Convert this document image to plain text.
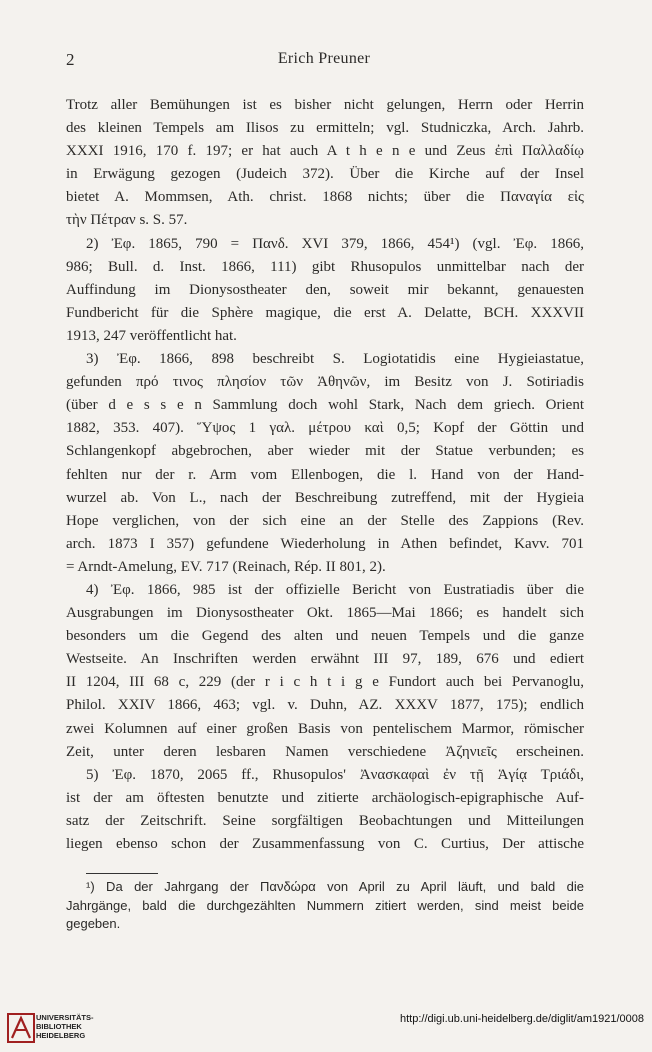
2	Erich Preuner
Trotz aller Bemühungen ist es bisher nicht gelungen, Herrn oder Herrin
des kleinen Tempels am Ilisos zu ermitteln; vgl. Studniczka, Arch. Jahrb.
XXXI 1916, 170 f. 197; er hat auch A t h e n e und Zeus ἐπὶ Παλλαδίῳ
in Erwägung gezogen (Judeich 372). Über die Kirche auf der Insel
bietet A. Mommsen, Ath. christ. 1868 nichts; über die Παναγία εἰς
τὴν Πέτραν s. S. 57.
2) Ἐφ. 1865, 790 = Πανδ. XVI 379, 1866, 454¹) (vgl. Ἐφ. 1866,
986; Bull. d. Inst. 1866, 111) gibt Rhusopulos unmittelbar nach der
Auffindung im Dionysostheater den, soweit mir bekannt, genauesten
Fundbericht für die Sphère magique, die erst A. Delatte, BCH. XXXVII
1913, 247 veröffentlicht hat.
3) Ἐφ. 1866, 898 beschreibt S. Logiotatidis eine Hygieiastatue,
gefunden πρό τινος πλησίον τῶν Ἀθηνῶν, im Besitz von J. Sotiriadis
(über d e s s e n Sammlung doch wohl Stark, Nach dem griech. Orient
1882, 353. 407). Ὕψος 1 γαλ. μέτρου καὶ 0,5; Kopf der Göttin und
Schlangenkopf abgebrochen, aber wieder mit der Statue verbunden; es
fehlten nur der r. Arm vom Ellenbogen, die l. Hand von der Hand-
wurzel ab. Von L., nach der Beschreibung zutreffend, mit der Hygieia
Hope verglichen, von der sich eine an der Stelle des Zappions (Rev.
arch. 1873 I 357) gefundene Wiederholung in Athen befindet, Kavv. 701
= Arndt-Amelung, EV. 717 (Reinach, Rép. II 801, 2).
4) Ἐφ. 1866, 985 ist der offizielle Bericht von Eustratiadis über die
Ausgrabungen im Dionysostheater Okt. 1865—Mai 1866; es handelt sich
besonders um die Gegend des alten und neuen Tempels und die ganze
Westseite. An Inschriften werden erwähnt III 97, 189, 676 und ediert
II 1204, III 68 c, 229 (der r i c h t i g e Fundort auch bei Pervanoglu,
Philol. XXIV 1866, 463; vgl. v. Duhn, AZ. XXXV 1877, 175); endlich
zwei Kolumnen auf einer großen Basis von pentelischem Marmor, römischer
Zeit, unter deren lesbaren Namen verschiedene Ἀζηνιεῖς erscheinen.
5) Ἐφ. 1870, 2065 ff., Rhusopulos' Ἀνασκαφαὶ ἐν τῇ Ἁγίᾳ Τριάδι,
ist der am öftesten benutzte und zitierte archäologisch-epigraphische Auf-
satz der Zeitschrift. Seine sorgfältigen Beobachtungen und Mitteilungen
liegen ebenso schon der Zusammenfassung von C. Curtius, Der attische
¹) Da der Jahrgang der Πανδώρα von April zu April läuft, und bald die
Jahrgänge, bald die durchgezählten Nummern zitiert werden, sind meist beide
gegeben.
UNIVERSITÄTS-
BIBLIOTHEK
HEIDELBERG
http://digi.ub.uni-heidelberg.de/diglit/am1921/0008
